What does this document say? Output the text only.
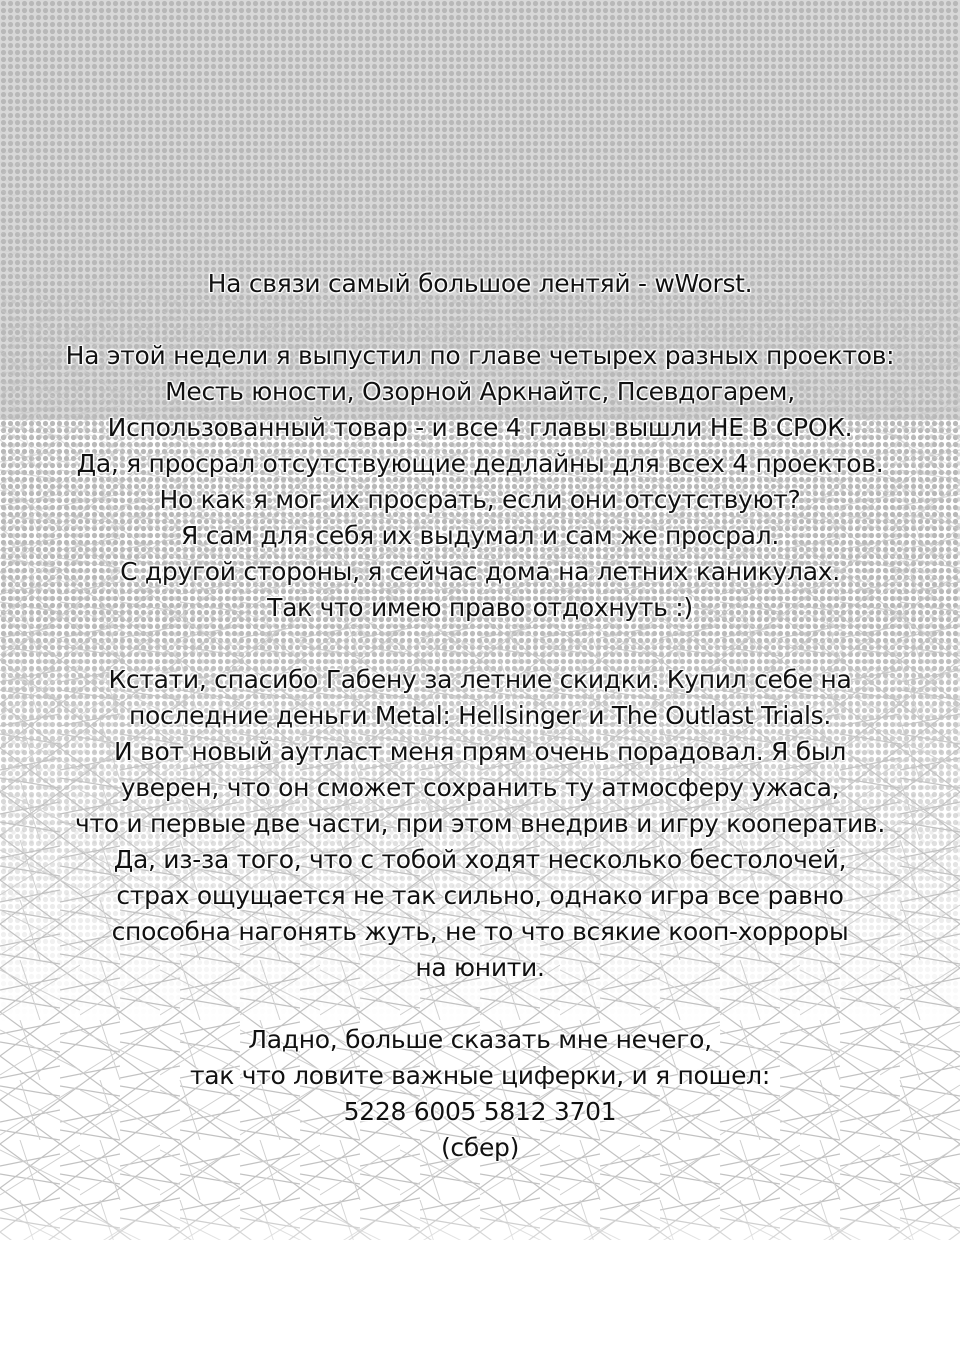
На связи самый большое лентяй - wWorst.
На этой недели я выпустил по главе четырех разных проектов:
Месть юности, Озорной Аркнайтс, Псевдогарем,
Использованный товар - и все 4 главы вышли НЕ В СРОК.
Да, я просрал отсутствующие дедлайны для всех 4 проектов.
Но как я мог их просрать, если они отсутствуют?
Я сам для себя их выдумал и сам же просрал.
С другой стороны, я сейчас дома на летних каникулах.
Так что имею право отдохнуть :)
Кстати, спасибо Габену за летние скидки. Купил себе на
последние деньги Metal: Hellsinger и The Outlast Trials.
И вот новый аутласт меня прям очень порадовал. Я был
уверен, что он сможет сохранить ту атмосферу ужаса,
что и первые две части, при этом внедрив и игру кооператив.
Да, из-за того, что с тобой ходят несколько бестолочей,
страх ощущается не так сильно, однако игра все равно
способна нагонять жуть, не то что всякие кооп-хорроры
на юнити.
Ладно, больше сказать мне нечего,
так что ловите важные циферки, и я пошел:
5228 6005 5812 3701
(сбер)
